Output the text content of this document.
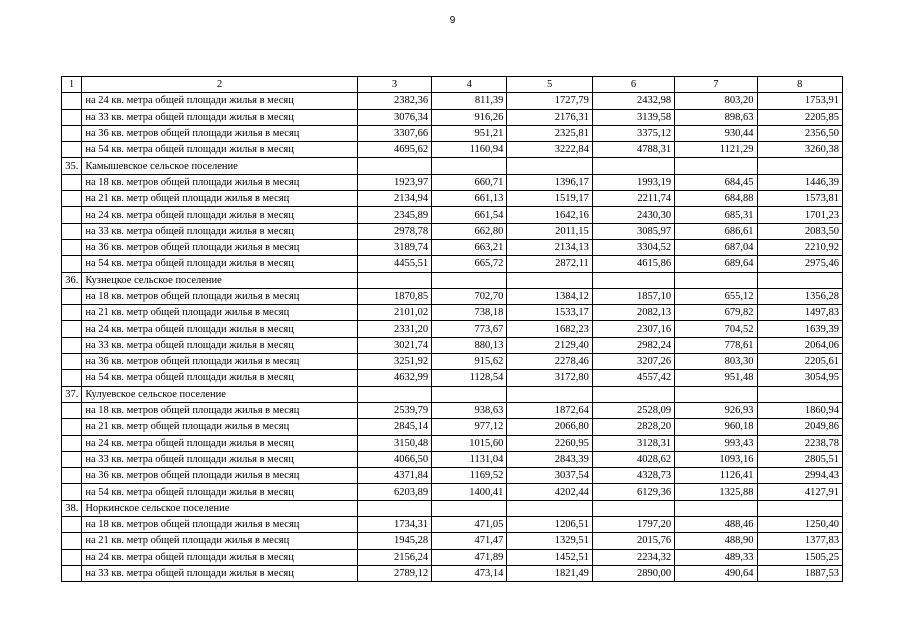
9
l	2	3	4	5	6	7	8
	на 24 кв. метра общей площади жилья в месяц	2382,36	811,39	1727,79	2432,98	803,20	1753,91
	на 33 кв. метра общей площади жилья в месяц	3076,34	916,26	2176,31	3139,58	898,63	2205,85
	на 36 кв. метров общей площади жилья в месяц	3307,66	951,21	2325,81	3375,12	930,44	2356,50
	на 54 кв. метра общей площади жилья в месяц	4695,62	1160,94	3222,84	4788,31	1121,29	3260,38
35.	Камышевское сельское поселение						
	на 18 кв. метров общей площади жилья в месяц	1923,97	660,71	1396,17	1993,19	684,45	1446,39
	на 21 кв. метр общей площади жилья в месяц	2134,94	661,13	1519,17	2211,74	684,88	1573,81
	на 24 кв. метра общей площади жилья в месяц	2345,89	661,54	1642,16	2430,30	685,31	1701,23
	на 33 кв. метра общей площади жилья в месяц	2978,78	662,80	2011,15	3085,97	686,61	2083,50
	на 36 кв. метров общей площади жилья в месяц	3189,74	663,21	2134,13	3304,52	687,04	2210,92
	на 54 кв. метра общей площади жилья в месяц	4455,51	665,72	2872,11	4615,86	689,64	2975,46
36.	Кузнецкое сельское поселение						
	на 18 кв. метров общей площади жилья в месяц	1870,85	702,70	1384,12	1857,10	655,12	1356,28
	на 21 кв. метр общей площади жилья в месяц	2101,02	738,18	1533,17	2082,13	679,82	1497,83
	на 24 кв. метра общей площади жилья в месяц	2331,20	773,67	1682,23	2307,16	704,52	1639,39
	на 33 кв. метра общей площади жилья в месяц	3021,74	880,13	2129,40	2982,24	778,61	2064,06
	на 36 кв. метров общей площади жилья в месяц	3251,92	915,62	2278,46	3207,26	803,30	2205,61
	на 54 кв. метра общей площади жилья в месяц	4632,99	1128,54	3172,80	4557,42	951,48	3054,95
37.	Кулуевское сельское поселение						
	на 18 кв. метров общей площади жилья в месяц	2539,79	938,63	1872,64	2528,09	926,93	1860,94
	на 21 кв. метр общей площади жилья в месяц	2845,14	977,12	2066,80	2828,20	960,18	2049,86
	на 24 кв. метра общей площади жилья в месяц	3150,48	1015,60	2260,95	3128,31	993,43	2238,78
	на 33 кв. метра общей площади жилья в месяц	4066,50	1131,04	2843,39	4028,62	1093,16	2805,51
	на 36 кв. метров общей площади жилья в месяц	4371,84	1169,52	3037,54	4328,73	1126,41	2994,43
	на 54 кв. метра общей площади жилья в месяц	6203,89	1400,41	4202,44	6129,36	1325,88	4127,91
38.	Норкинское сельское поселение						
	на 18 кв. метров общей площади жилья в месяц	1734,31	471,05	1206,51	1797,20	488,46	1250,40
	на 21 кв. метр общей площади жилья в месяц	1945,28	471,47	1329,51	2015,76	488,90	1377,83
	на 24 кв. метра общей площади жилья в месяц	2156,24	471,89	1452,51	2234,32	489,33	1505,25
	на 33 кв. метра общей площади жилья в месяц	2789,12	473,14	1821,49	2890,00	490,64	1887,53
